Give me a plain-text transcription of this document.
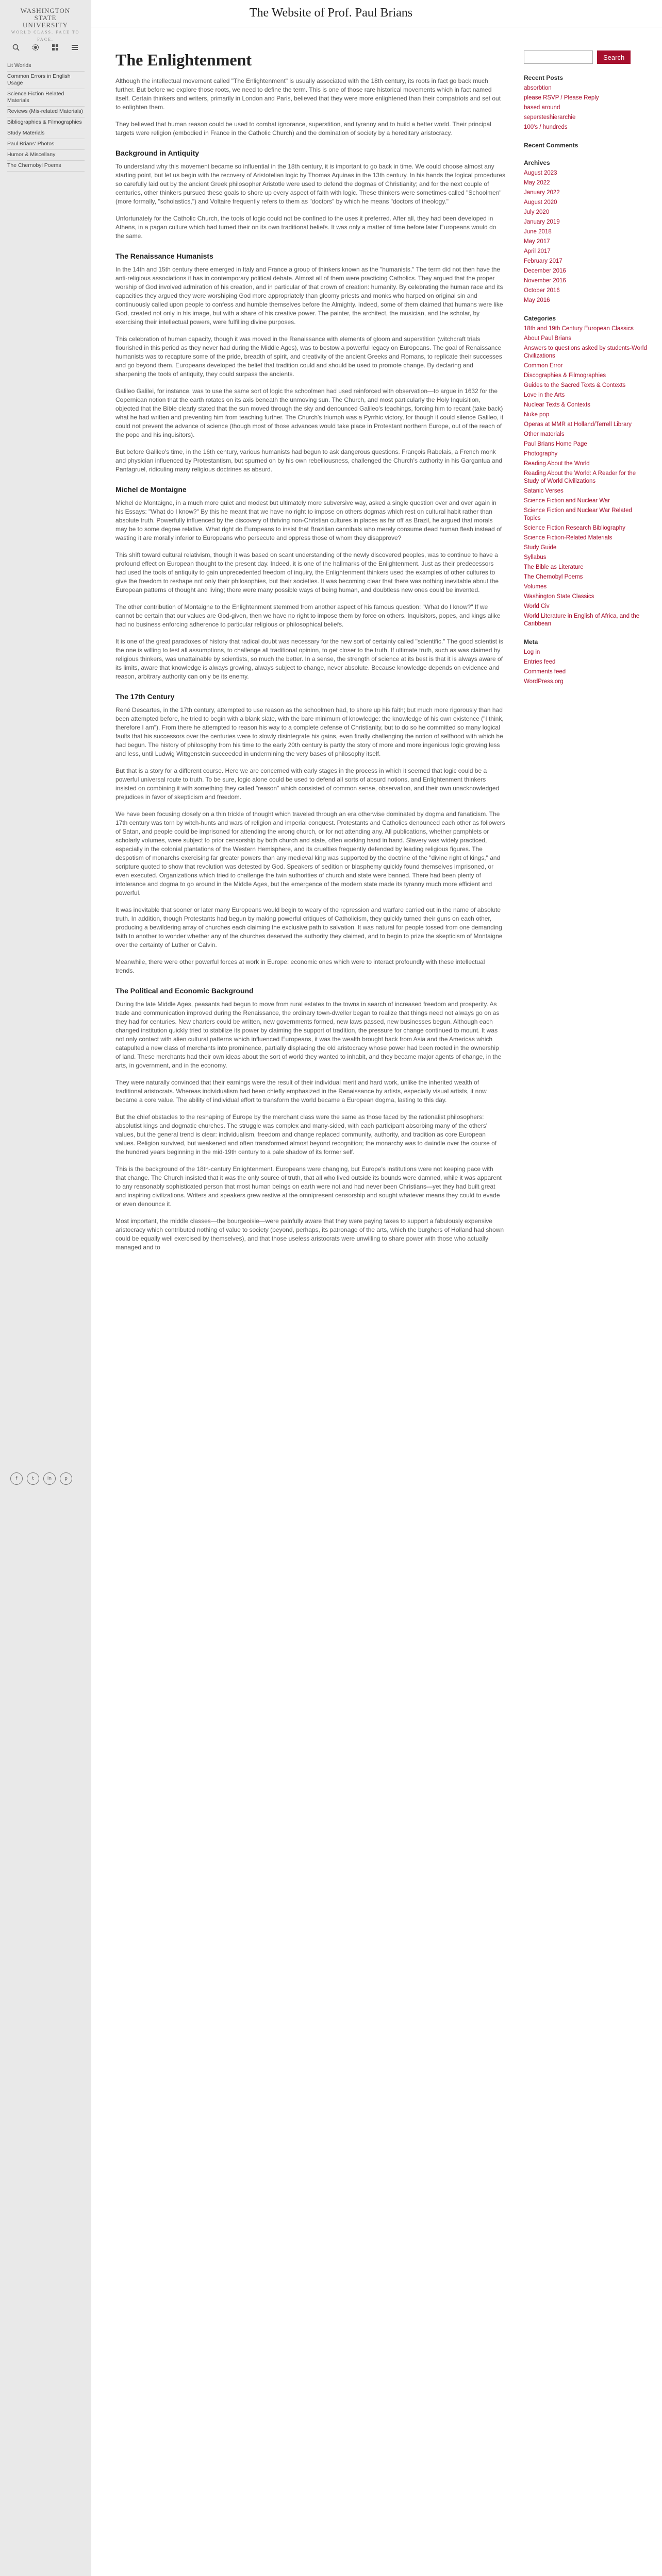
The Website of Prof. Paul Brians
WASHINGTON STATE
UNIVERSITY
WORLD CLASS. FACE TO FACE.
Lit Worlds
Common Errors in English Usage
Science Fiction Related Materials
Reviews (Mis-related Materials)
Bibliographies & Filmographies
Study Materials
Paul Brians' Photos
Humor & Miscellany
The Chernobyl Poems
f	t	in	p
The Enlightenment

Although the intellectual movement called "The Enlightenment" is usually associated with the 18th century, its roots in fact go back much further. But before we explore those roots, we need to define the term. This is one of those rare historical movements which in fact named itself. Certain thinkers and writers, primarily in London and Paris, believed that they were more enlightened than their compatriots and set out to enlighten them.

They believed that human reason could be used to combat ignorance, superstition, and tyranny and to build a better world. Their principal targets were religion (embodied in France in the Catholic Church) and the domination of society by a hereditary aristocracy.

Background in Antiquity

To understand why this movement became so influential in the 18th century, it is important to go back in time. We could choose almost any starting point, but let us begin with the recovery of Aristotelian logic by Thomas Aquinas in the 13th century. In his hands the logical procedures so carefully laid out by the ancient Greek philosopher Aristotle were used to defend the dogmas of Christianity; and for the next couple of centuries, other thinkers pursued these goals to shore up every aspect of faith with logic. These thinkers were sometimes called "Schoolmen" (more formally, "scholastics,") and Voltaire frequently refers to them as "doctors" by which he means "doctors of theology."

Unfortunately for the Catholic Church, the tools of logic could not be confined to the uses it preferred. After all, they had been developed in Athens, in a pagan culture which had turned their on its own traditional beliefs. It was only a matter of time before later Europeans would do the same.

The Renaissance Humanists

In the 14th and 15th century there emerged in Italy and France a group of thinkers known as the "humanists." The term did not then have the anti-religious associations it has in contemporary political debate. Almost all of them were practicing Catholics. They argued that the proper worship of God involved admiration of his creation, and in particular of that crown of creation: humanity. By celebrating the human race and its capacities they argued they were worshiping God more appropriately than gloomy priests and monks who harped on original sin and continuously called upon people to confess and humble themselves before the Almighty. Indeed, some of them claimed that humans were like God, created not only in his image, but with a share of his creative power. The painter, the architect, the musician, and the scholar, by exercising their intellectual powers, were fulfilling divine purposes.

This celebration of human capacity, though it was moved in the Renaissance with elements of gloom and superstition (witchcraft trials flourished in this period as they never had during the Middle Ages), was to bestow a powerful legacy on Europeans. The goal of Renaissance humanists was to recapture some of the pride, breadth of spirit, and creativity of the ancient Greeks and Romans, to replicate their successes and go beyond them. Europeans developed the belief that tradition could and should be used to promote change. By declaring and sharpening the tools of antiquity, they could surpass the ancients.

Galileo Galilei, for instance, was to use the same sort of logic the schoolmen had used reinforced with observation—to argue in 1632 for the Copernican notion that the earth rotates on its axis beneath the unmoving sun. The Church, and most particularly the Holy Inquisition, objected that the Bible clearly stated that the sun moved through the sky and denounced Galileo's teachings, forcing him to recant (take back) what he had written and preventing him from teaching further. The Church's triumph was a Pyrrhic victory, for though it could silence Galileo, it could not prevent the advance of science (though most of those advances would take place in Protestant northern Europe, out of the reach of the pope and his inquisitors).

But before Galileo's time, in the 16th century, various humanists had begun to ask dangerous questions. François Rabelais, a French monk and physician influenced by Protestantism, but spurned on by his own rebelliousness, challenged the Church's authority in his Gargantua and Pantagruel, ridiculing many religious doctrines as absurd.

Michel de Montaigne

Michel de Montaigne, in a much more quiet and modest but ultimately more subversive way, asked a single question over and over again in his Essays: "What do I know?" By this he meant that we have no right to impose on others dogmas which rest on cultural habit rather than absolute truth. Powerfully influenced by the discovery of thriving non-Christian cultures in places as far off as Brazil, he argued that morals may be to some degree relative. What right do Europeans to insist that Brazilian cannibals who merely consume dead human flesh instead of wasting it are morally inferior to Europeans who persecute and oppress those of whom they disapprove?

This shift toward cultural relativism, though it was based on scant understanding of the newly discovered peoples, was to continue to have a profound effect on European thought to the present day. Indeed, it is one of the hallmarks of the Enlightenment. Just as their predecessors had used the tools of antiquity to gain unprecedented freedom of inquiry, the Enlightenment thinkers used the examples of other cultures to give the freedom to reshape not only their philosophies, but their societies. It was becoming clear that there was nothing inevitable about the European patterns of thought and living; there were many possible ways of being human, and doubtless new ones could be invented.

The other contribution of Montaigne to the Enlightenment stemmed from another aspect of his famous question: "What do I know?" If we cannot be certain that our values are God-given, then we have no right to impose them by force on others. Inquisitors, popes, and kings alike had no business enforcing adherence to particular religious or philosophical beliefs.

It is one of the great paradoxes of history that radical doubt was necessary for the new sort of certainty called "scientific." The good scientist is the one is willing to test all assumptions, to challenge all traditional opinion, to get closer to the truth. If ultimate truth, such as was claimed by religious thinkers, was unattainable by scientists, so much the better. In a sense, the strength of science at its best is that it is always aware of its limits, aware that knowledge is always growing, always subject to change, never absolute. Because knowledge depends on evidence and reason, arbitrary authority can only be its enemy.

The 17th Century

René Descartes, in the 17th century, attempted to use reason as the schoolmen had, to shore up his faith; but much more rigorously than had been attempted before, he tried to begin with a blank slate, with the bare minimum of knowledge: the knowledge of his own existence ("I think, therefore I am"). From there he attempted to reason his way to a complete defense of Christianity, but to do so he committed so many logical faults that his successors over the centuries were to slowly disintegrate his gains, even finally challenging the notion of selfhood with which he had begun. The history of philosophy from his time to the early 20th century is partly the story of more and more ingenious logic growing less and less, until Ludwig Wittgenstein succeeded in undermining the very bases of philosophy itself.

But that is a story for a different course. Here we are concerned with early stages in the process in which it seemed that logic could be a powerful universal route to truth. To be sure, logic alone could be used to defend all sorts of absurd notions, and Enlightenment thinkers insisted on combining it with something they called "reason" which consisted of common sense, observation, and their own unacknowledged prejudices in favor of skepticism and freedom.

We have been focusing closely on a thin trickle of thought which traveled through an era otherwise dominated by dogma and fanaticism. The 17th century was torn by witch-hunts and wars of religion and imperial conquest. Protestants and Catholics denounced each other as followers of Satan, and people could be imprisoned for attending the wrong church, or for not attending any. All publications, whether pamphlets or scholarly volumes, were subject to prior censorship by both church and state, often working hand in hand. Slavery was widely practiced, especially in the colonial plantations of the Western Hemisphere, and its cruelties frequently defended by leading religious figures. The despotism of monarchs exercising far greater powers than any medieval king was supported by the doctrine of the "divine right of kings," and scripture quoted to show that revolution was detested by God. Speakers of sedition or blasphemy quickly found themselves imprisoned, or even executed. Organizations which tried to challenge the twin authorities of church and state were banned. There had been plenty of intolerance and dogma to go around in the Middle Ages, but the emergence of the modern state made its tyranny much more efficient and powerful.

It was inevitable that sooner or later many Europeans would begin to weary of the repression and warfare carried out in the name of absolute truth. In addition, though Protestants had begun by making powerful critiques of Catholicism, they quickly turned their guns on each other, producing a bewildering array of churches each claiming the exclusive path to salvation. It was natural for people tossed from one demanding faith to another to wonder whether any of the churches deserved the authority they claimed, and to begin to prize the skepticism of Montaigne over the certainty of Luther or Calvin.

Meanwhile, there were other powerful forces at work in Europe: economic ones which were to interact profoundly with these intellectual trends.

The Political and Economic Background

During the late Middle Ages, peasants had begun to move from rural estates to the towns in search of increased freedom and prosperity. As trade and communication improved during the Renaissance, the ordinary town-dweller began to realize that things need not always go on as they had for centuries. New charters could be written, new governments formed, new laws passed, new businesses begun. Although each changed institution quickly tried to stabilize its power by claiming the support of tradition, the pressure for change continued to mount. It was not only contact with alien cultural patterns which influenced Europeans, it was the wealth brought back from Asia and the Americas which catapulted a new class of merchants into prominence, partially displacing the old aristocracy whose power had been rooted in the ownership of land. These merchants had their own ideas about the sort of world they wanted to inhabit, and they became major agents of change, in the arts, in government, and in the economy.

They were naturally convinced that their earnings were the result of their individual merit and hard work, unlike the inherited wealth of traditional aristocrats. Whereas individualism had been chiefly emphasized in the Renaissance by artists, especially visual artists, it now became a core value. The ability of individual effort to transform the world became a European dogma, lasting to this day.

But the chief obstacles to the reshaping of Europe by the merchant class were the same as those faced by the rationalist philosophers: absolutist kings and dogmatic churches. The struggle was complex and many-sided, with each participant absorbing many of the others' values, but the general trend is clear: individualism, freedom and change replaced community, authority, and tradition as core European values. Religion survived, but weakened and often transformed almost beyond recognition; the monarchy was to dwindle over the course of the hundred years beginning in the mid-19th century to a pale shadow of its former self.

This is the background of the 18th-century Enlightenment. Europeans were changing, but Europe's institutions were not keeping pace with that change. The Church insisted that it was the only source of truth, that all who lived outside its bounds were damned, while it was apparent to any reasonably sophisticated person that most human beings on earth were not and had never been Christians—yet they had built great and inspiring civilizations. Writers and speakers grew restive at the omnipresent censorship and sought whatever means they could to evade or even denounce it.

Most important, the middle classes—the bourgeoisie—were painfully aware that they were paying taxes to support a fabulously expensive aristocracy which contributed nothing of value to society (beyond, perhaps, its patronage of the arts, which the burghers of Holland had shown could be equally well exercised by themselves), and that those useless aristocrats were unwilling to share power with those who actually managed and to

Search
Recent Posts
absorbtion
please RSVP / Please Reply
based around
sepersteshierarchie
100's / hundreds
Recent Comments
Archives
August 2023
May 2022
January 2022
August 2020
July 2020
January 2019
June 2018
May 2017
April 2017
February 2017
December 2016
November 2016
October 2016
May 2016
Categories
18th and 19th Century European Classics
About Paul Brians
Answers to questions asked by students-World Civilizations
Common Error
Discographies & Filmographies
Guides to the Sacred Texts & Contexts
Love in the Arts
Nuclear Texts & Contexts
Nuke pop
Operas at MMR at Holland/Terrell Library
Other materials
Paul Brians Home Page
Photography
Reading About the World
Reading About the World: A Reader for the Study of World Civilizations
Satanic Verses
Science Fiction and Nuclear War
Science Fiction and Nuclear War Related Topics
Science Fiction Research Bibliography
Science Fiction-Related Materials
Study Guide
Syllabus
The Bible as Literature
The Chernobyl Poems
Volumes
Washington State Classics
World Civ
World Literature in English of Africa, and the Caribbean
Meta
Log in
Entries feed
Comments feed
WordPress.org
